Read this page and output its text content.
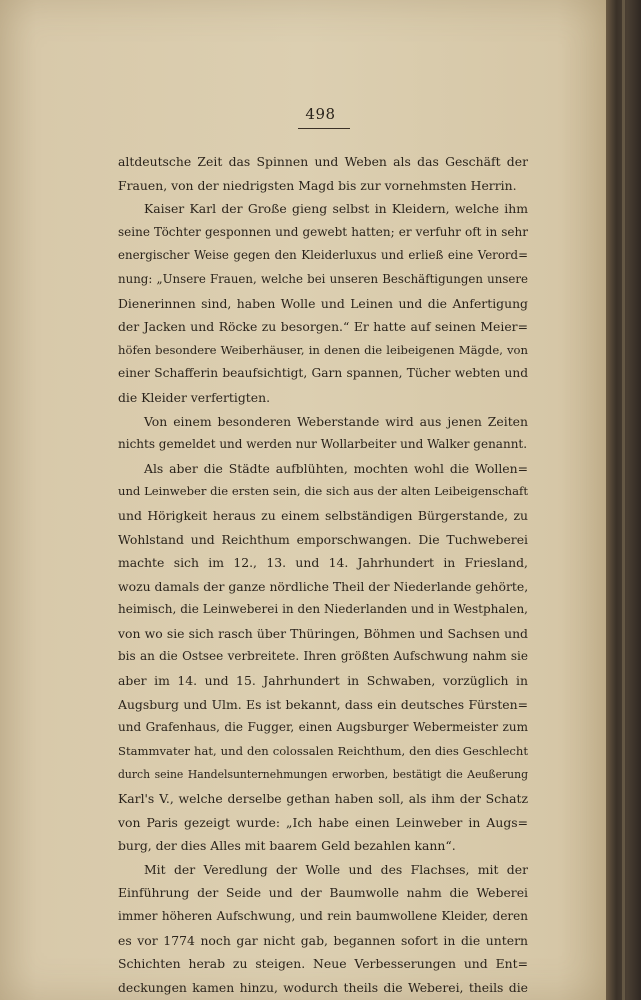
498
altdeutsche Zeit das Spinnen und Weben als das Geschäft der
Frauen, von der niedrigsten Magd bis zur vornehmsten Herrin.
Kaiser Karl der Große gieng selbst in Kleidern, welche ihm
seine Töchter gesponnen und gewebt hatten; er verfuhr oft in sehr
energischer Weise gegen den Kleiderluxus und erließ eine Verord=
nung: „Unsere Frauen, welche bei unseren Beschäftigungen unsere
Dienerinnen sind, haben Wolle und Leinen und die Anfertigung
der Jacken und Röcke zu besorgen.“ Er hatte auf seinen Meier=
höfen besondere Weiberhäuser, in denen die leibeigenen Mägde, von
einer Schafferin beaufsichtigt, Garn spannen, Tücher webten und
die Kleider verfertigten.
Von einem besonderen Weberstande wird aus jenen Zeiten
nichts gemeldet und werden nur Wollarbeiter und Walker genannt.
Als aber die Städte aufblühten, mochten wohl die Wollen=
und Leinweber die ersten sein, die sich aus der alten Leibeigenschaft
und Hörigkeit heraus zu einem selbständigen Bürgerstande, zu
Wohlstand und Reichthum emporschwangen. Die Tuchweberei
machte sich im 12., 13. und 14. Jahrhundert in Friesland,
wozu damals der ganze nördliche Theil der Niederlande gehörte,
heimisch, die Leinweberei in den Niederlanden und in Westphalen,
von wo sie sich rasch über Thüringen, Böhmen und Sachsen und
bis an die Ostsee verbreitete. Ihren größten Aufschwung nahm sie
aber im 14. und 15. Jahrhundert in Schwaben, vorzüglich in
Augsburg und Ulm. Es ist bekannt, dass ein deutsches Fürsten=
und Grafenhaus, die Fugger, einen Augsburger Webermeister zum
Stammvater hat, und den colossalen Reichthum, den dies Geschlecht
durch seine Handelsunternehmungen erworben, bestätigt die Aeußerung
Karl's V., welche derselbe gethan haben soll, als ihm der Schatz
von Paris gezeigt wurde: „Ich habe einen Leinweber in Augs=
burg, der dies Alles mit baarem Geld bezahlen kann“.
Mit der Veredlung der Wolle und des Flachses, mit der
Einführung der Seide und der Baumwolle nahm die Weberei
immer höheren Aufschwung, und rein baumwollene Kleider, deren
es vor 1774 noch gar nicht gab, begannen sofort in die untern
Schichten herab zu steigen. Neue Verbesserungen und Ent=
deckungen kamen hinzu, wodurch theils die Weberei, theils die
